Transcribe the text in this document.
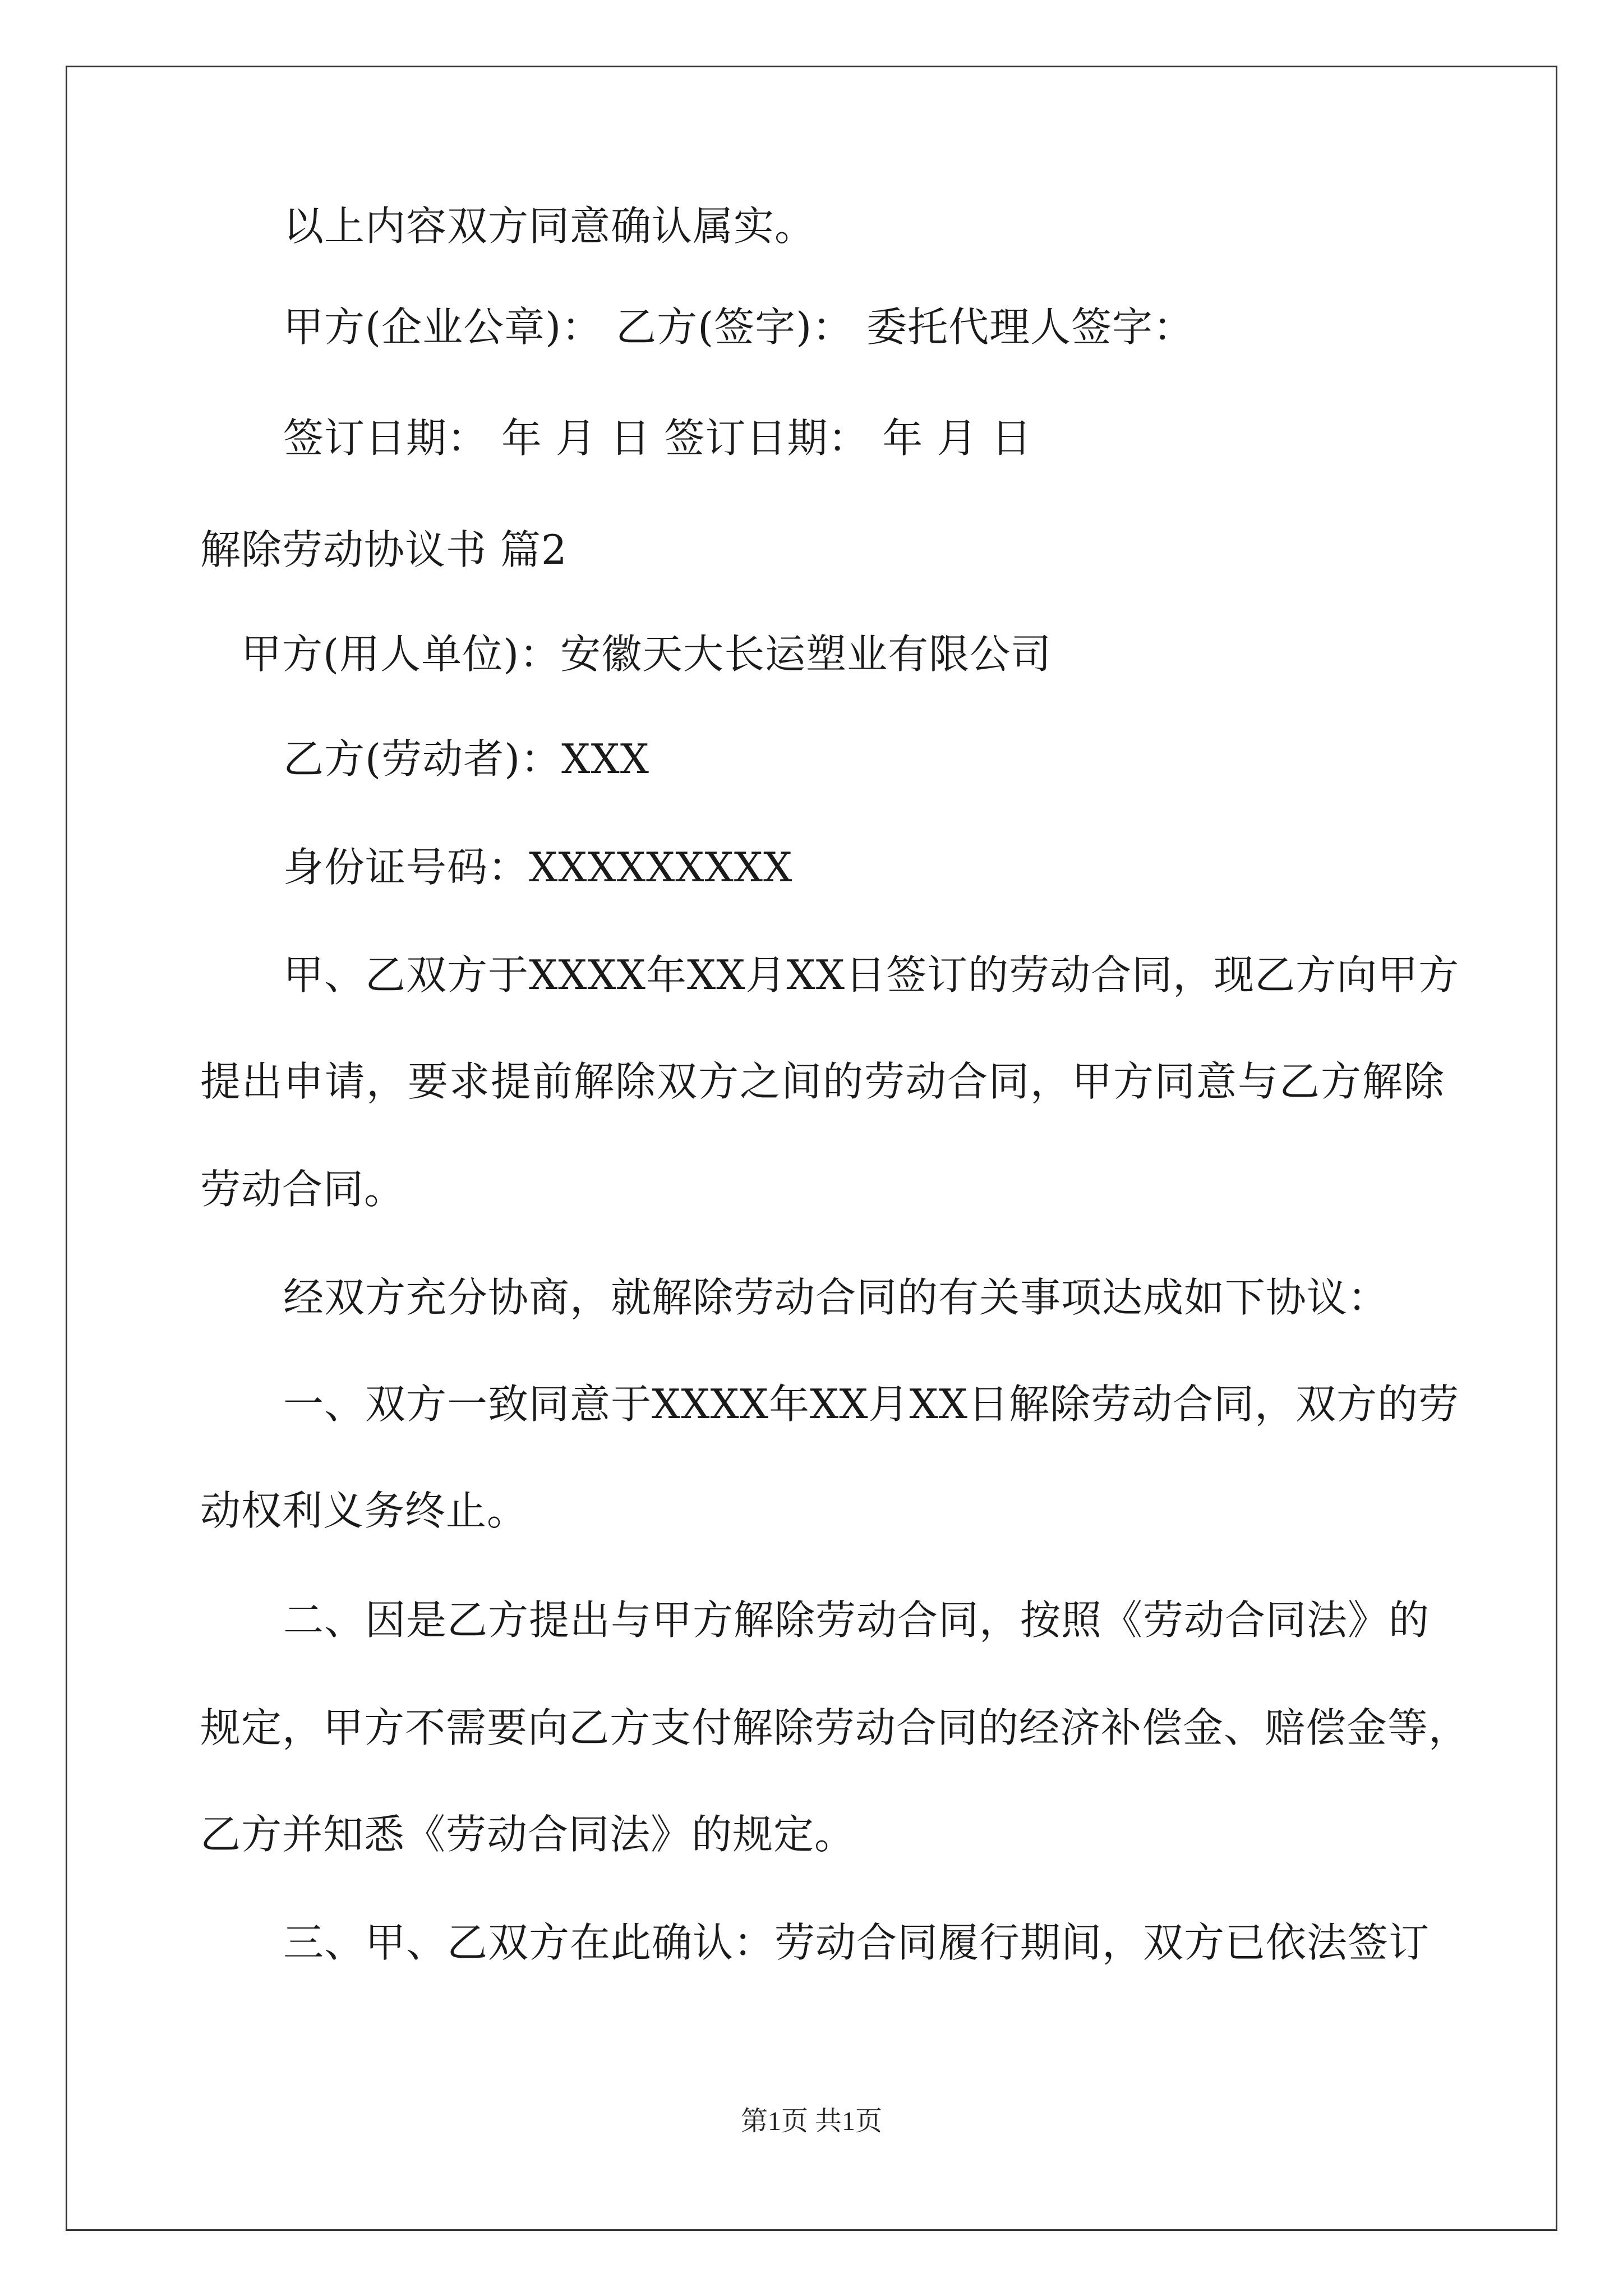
以上内容双方同意确认属实。
甲方(企业公章)： 乙方(签字)： 委托代理人签字：
签订日期： 年 月 日 签订日期： 年 月 日
解除劳动协议书 篇2
甲方(用人单位)：安徽天大长运塑业有限公司
乙方(劳动者)：XXX
身份证号码：XXXXXXXXX
甲、乙双方于XXXX年XX月XX日签订的劳动合同，现乙方向甲方
提出申请，要求提前解除双方之间的劳动合同，甲方同意与乙方解除
劳动合同。
经双方充分协商，就解除劳动合同的有关事项达成如下协议：
一、双方一致同意于XXXX年XX月XX日解除劳动合同，双方的劳
动权利义务终止。
二、因是乙方提出与甲方解除劳动合同，按照《劳动合同法》的
规定，甲方不需要向乙方支付解除劳动合同的经济补偿金、赔偿金等，
乙方并知悉《劳动合同法》的规定。
三、甲、乙双方在此确认：劳动合同履行期间，双方已依法签订
第1页 共1页
